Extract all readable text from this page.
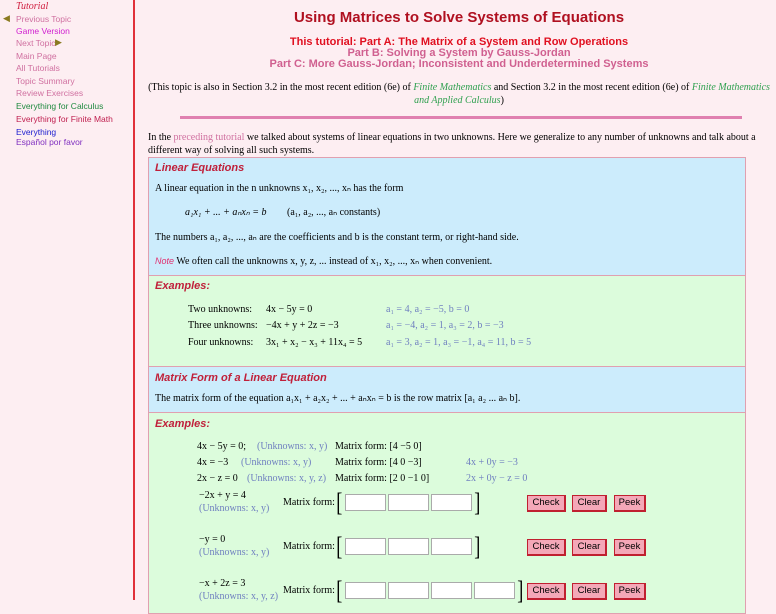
Tutorial
◀ Previous Topic
Game Version
Next Topic ▶
Main Page
All Tutorials
Topic Summary
Review Exercises
Everything for Calculus
Everything for Finite Math
Everything
Español por favor
Using Matrices to Solve Systems of Equations
This tutorial: Part A: The Matrix of a System and Row Operations
Part B: Solving a System by Gauss-Jordan
Part C: More Gauss-Jordan; Inconsistent and Underdetermined Systems
(This topic is also in Section 3.2 in the most recent edition (6e) of Finite Mathematics and Section 3.2 in the most recent edition (6e) of Finite Mathematics and Applied Calculus)
In the preceding tutorial we talked about systems of linear equations in two unknowns. Here we generalize to any number of unknowns and talk about a different way of solving all such systems.
Linear Equations
A linear equation in the n unknowns x₁, x₂, ..., xₙ has the form
a₁x₁ + ... + aₙxₙ = b (a₁, a₂, ..., aₙ constants)
The numbers a₁, a₂, ..., aₙ are the coefficients and b is the constant term, or right-hand side.
Note We often call the unknowns x, y, z, ... instead of x₁, x₂, ..., xₙ when convenient.
Examples:
Two unknowns: 4x − 5y = 0	a₁ = 4, a₂ = −5, b = 0
Three unknowns: −4x + y + 2z = −3	a₁ = −4, a₂ = 1, a₃ = 2, b = −3
Four unknowns: 3x₁ + x₂ − x₃ + 11x₄ = 5 a₁ = 3, a₂ = 1, a₃ = −1, a₄ = 11, b = 5
Matrix Form of a Linear Equation
The matrix form of the equation a₁x₁ + a₂x₂ + ... + aₙxₙ = b is the row matrix [a₁ a₂ ... aₙ b].
Examples:
4x − 5y = 0; (Unknowns: x, y) Matrix form: [4 −5 0]
4x = −3 (Unknowns: x, y) Matrix form: [4 0 −3]	4x + 0y = −3
2x − z = 0 (Unknowns: x, y, z) Matrix form: [2 0 −1 0]	2x + 0y − z = 0
−2x + y = 4
(Unknowns: x, y)
Matrix form: [	]	Check	Clear	Peek
−y = 0
(Unknowns: x, y)
Matrix form: [	]	Check	Clear	Peek
−x + 2z = 3
(Unknowns: x, y, z)
Matrix form: [	] Check	Clear	Peek
